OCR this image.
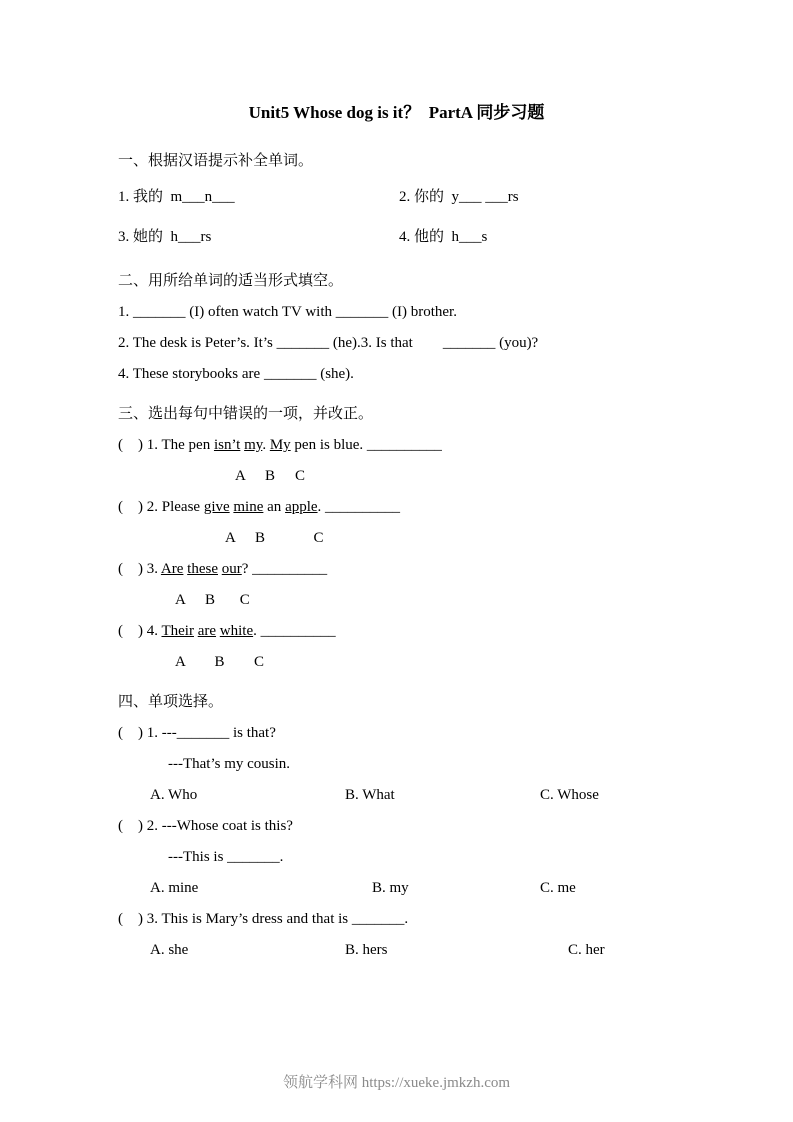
Unit5 Whose dog is it？  PartA 同步习题

一、根据汉语提示补全单词。

1. 我的  m___n___	2. 你的  y___ ___rs
3. 她的  h___rs	4. 他的  h___s

二、用所给单词的适当形式填空。

1. _______ (I) often watch TV with _______ (I) brother.
2. The desk is Peter’s. It’s _______ (he).3. Is that        _______ (you)?
4. These storybooks are _______ (she).

三、选出每句中错误的一项，并改正。

(    ) 1. The pen isn’t my. My pen is blue. __________
A    B    C
(    ) 2. Please give mine an apple. __________
A    B          C
(    ) 3. Are these our? __________
A    B     C
(    ) 4. Their are white. __________
A      B      C

四、单项选择。

(    ) 1. ---_______ is that?
---That’s my cousin.
A. Who	B. What	C. Whose
(    ) 2. ---Whose coat is this?
---This is _______.
A. mine	B. my	C. me
(    ) 3. This is Mary’s dress and that is _______.
A. she	B. hers	C. her
领航学科网 https://xueke.jmkzh.com
